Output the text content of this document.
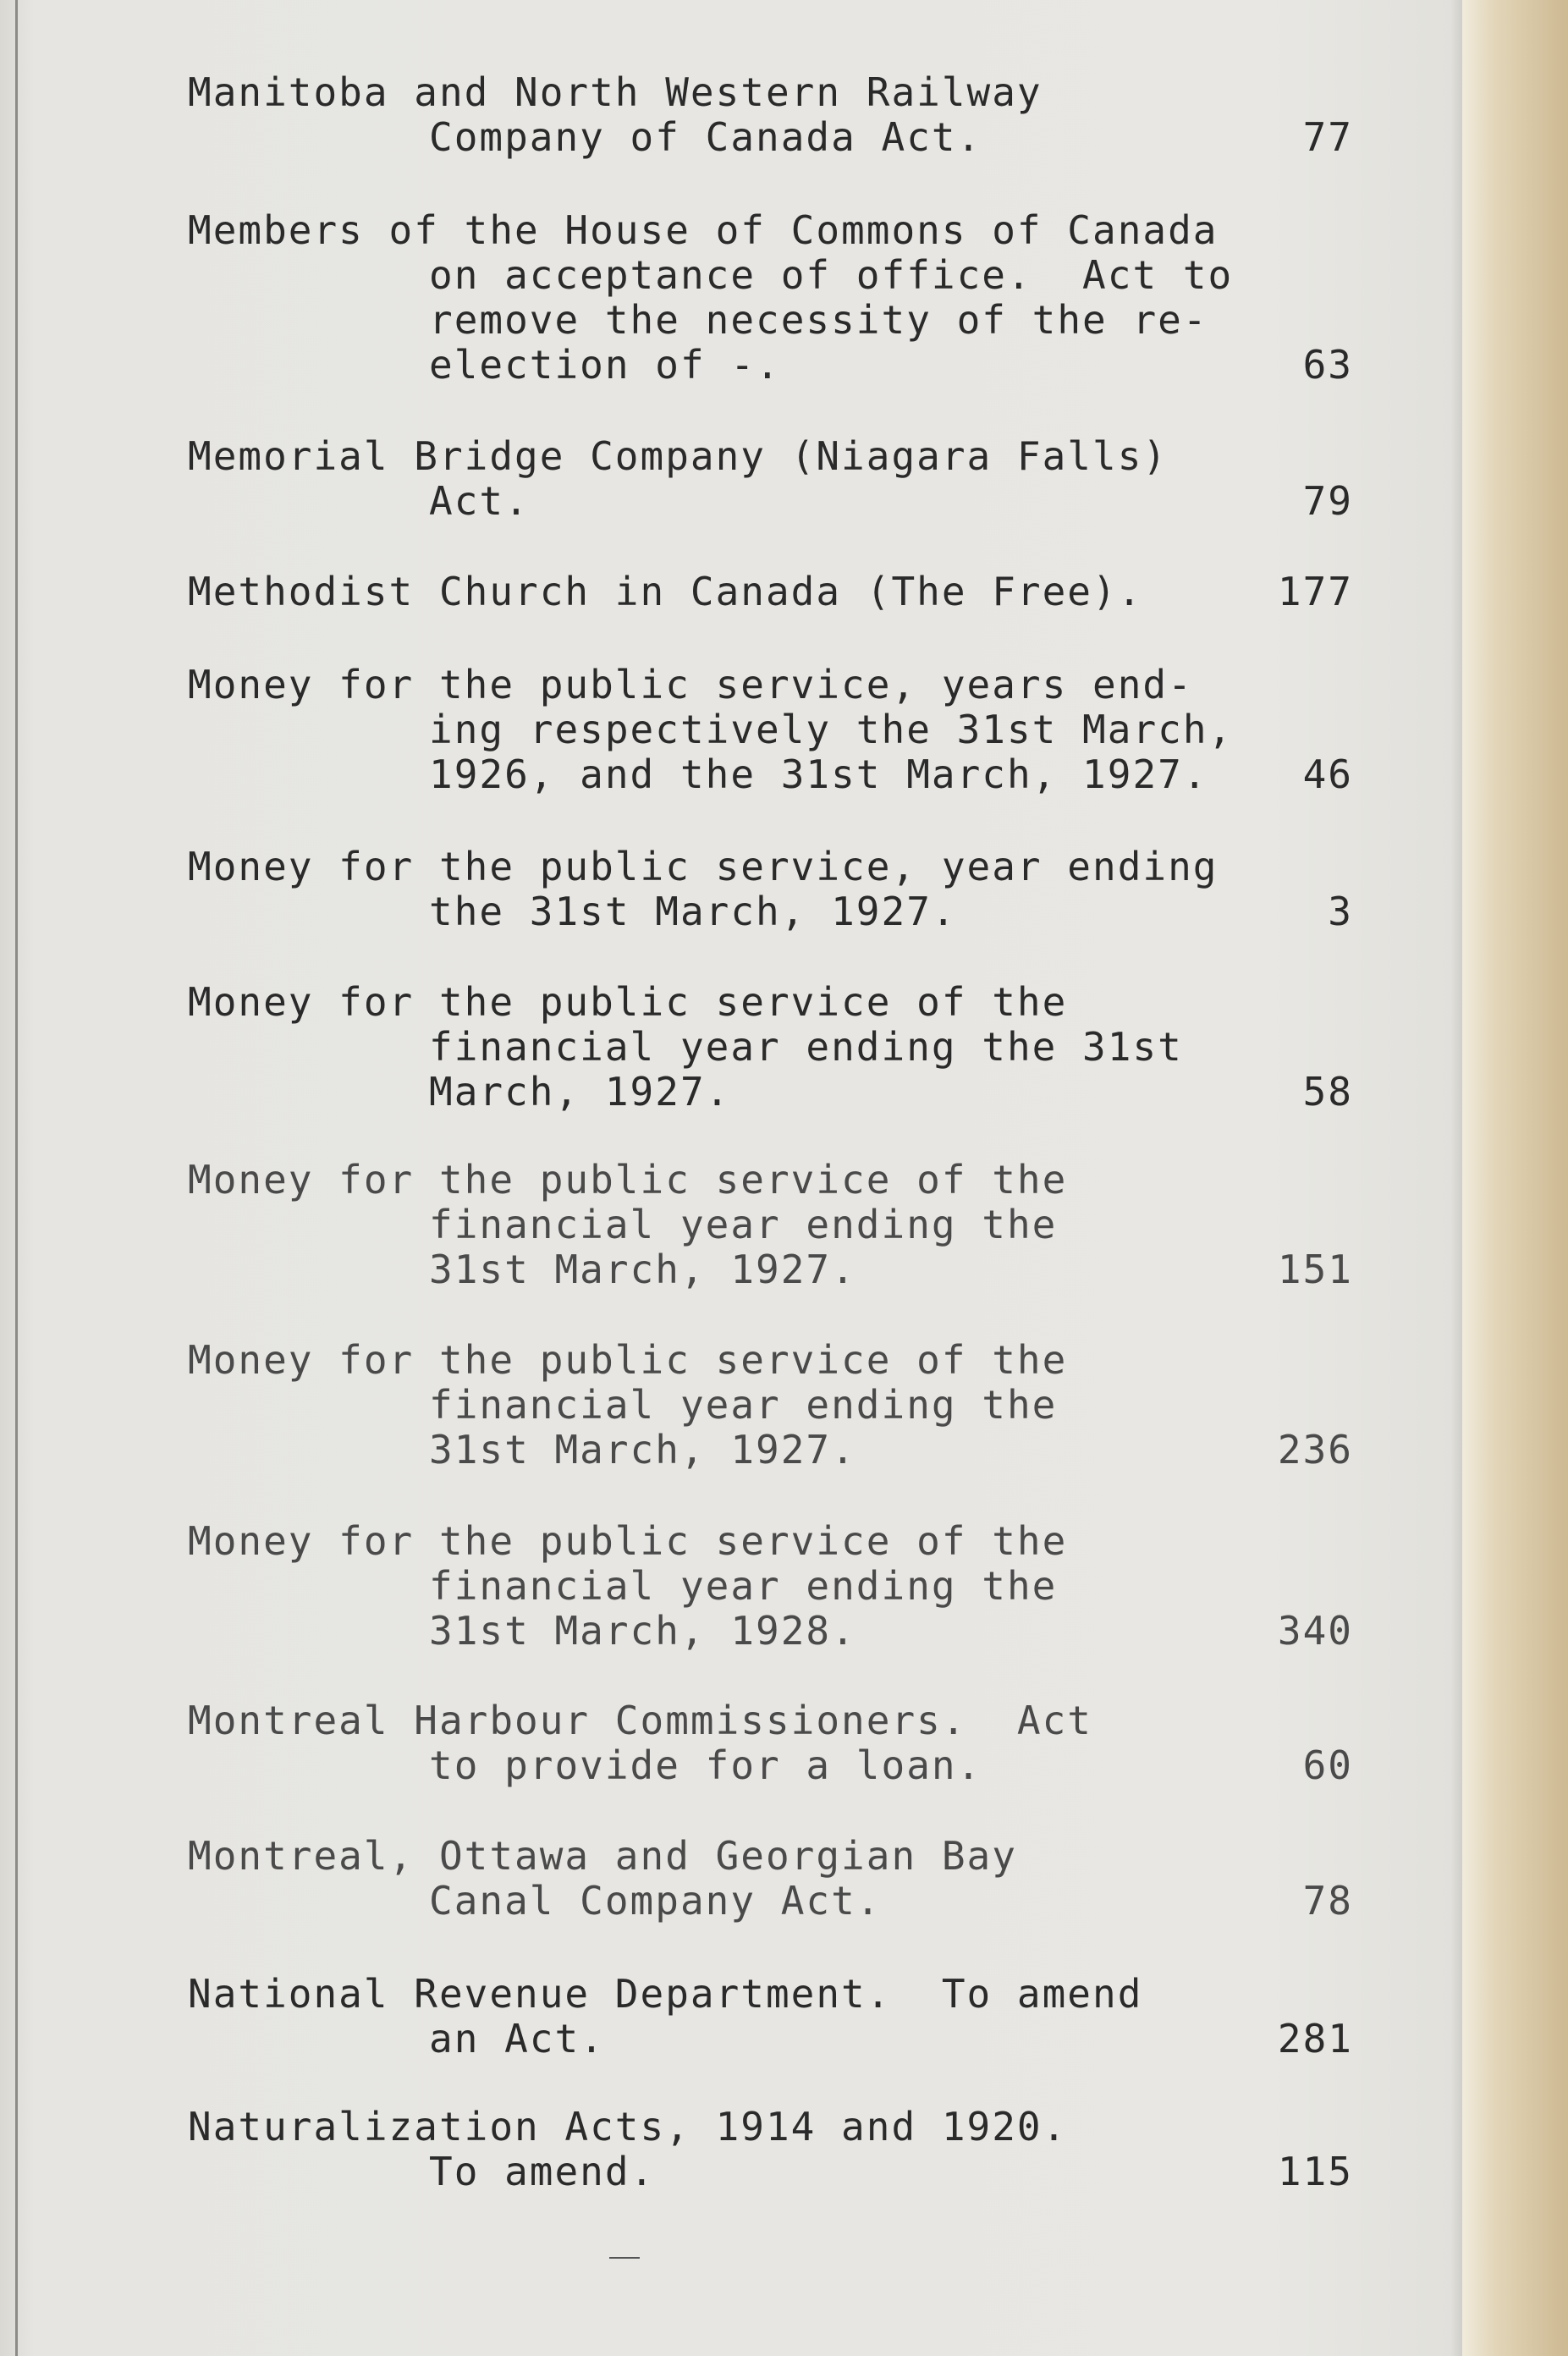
Manitoba and North Western Railway
Company of Canada Act.	77
Members of the House of Commons of Canada
on acceptance of office.  Act to
remove the necessity of the re-
election of -.	63
Memorial Bridge Company (Niagara Falls)
Act.	79
Methodist Church in Canada (The Free).	177
Money for the public service, years end-
ing respectively the 31st March,
1926, and the 31st March, 1927.	46
Money for the public service, year ending
the 31st March, 1927.	3
Money for the public service of the
financial year ending the 31st
March, 1927.	58
Money for the public service of the
financial year ending the
31st March, 1927.	151
Money for the public service of the
financial year ending the
31st March, 1927.	236
Money for the public service of the
financial year ending the
31st March, 1928.	340
Montreal Harbour Commissioners.  Act
to provide for a loan.	60
Montreal, Ottawa and Georgian Bay
Canal Company Act.	78
National Revenue Department.  To amend
an Act.	281
Naturalization Acts, 1914 and 1920.
To amend.	115
